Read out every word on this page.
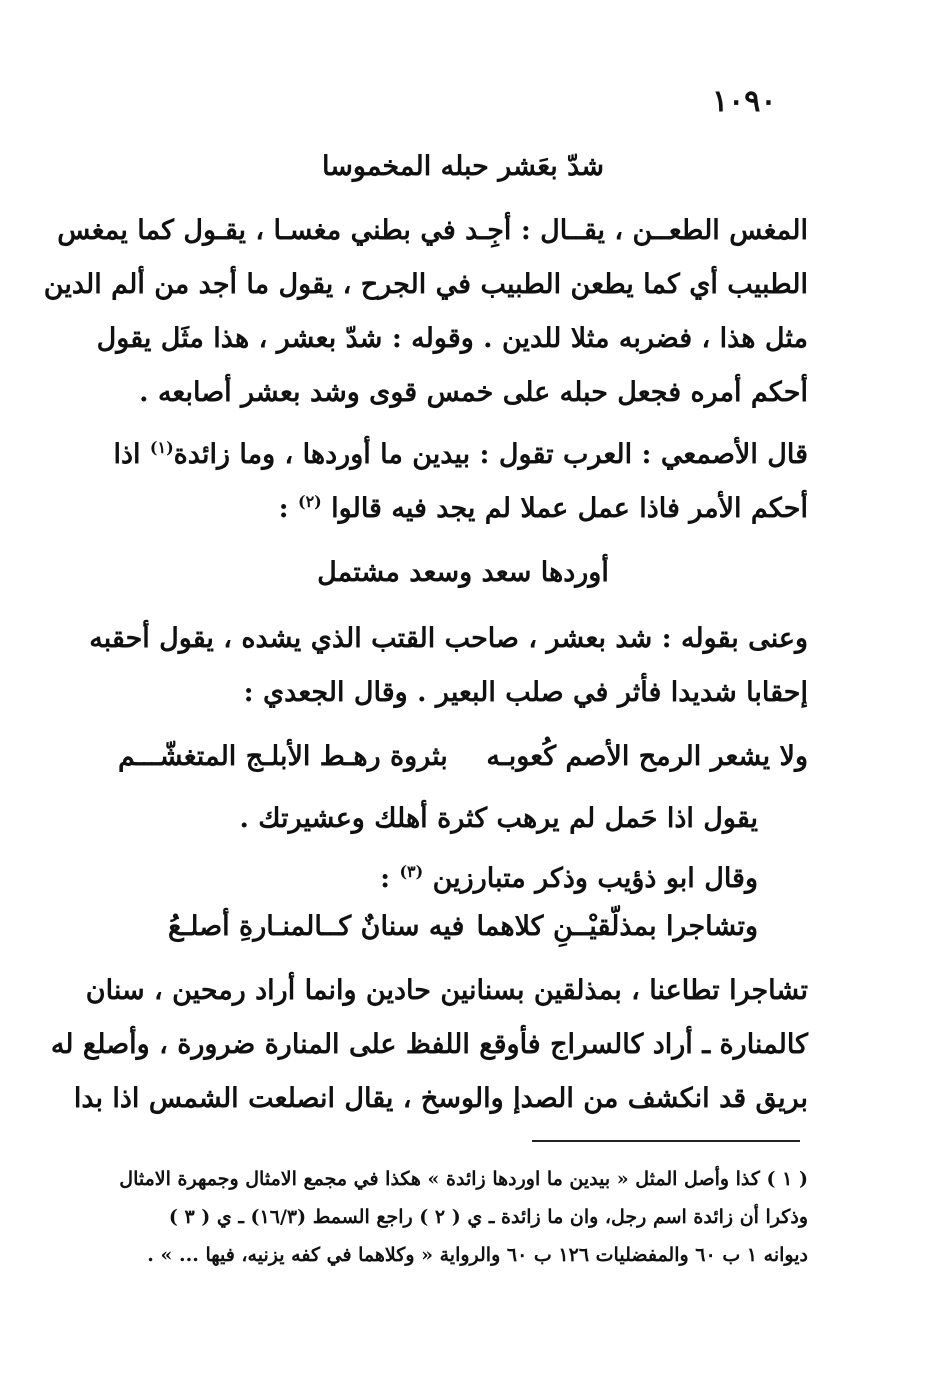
١٠٩٠
شدّ بعَشر حبله المخموسا
المغس الطعــن ، يقــال : أجِـد في بطني مغسـا ، يقـول كما يمغس
الطبيب أي كما يطعن الطبيب في الجرح ، يقول ما أجد من ألم الدين
مثل هذا ، فضربه مثلا للدين . وقوله : شدّ بعشر ، هذا مثَل يقول
أحكم أمره فجعل حبله على خمس قوى وشد بعشر أصابعه .
قال الأصمعي : العرب تقول : بيدين ما أوردها ، وما زائدة$^{(١)}$ اذا
أحكم الأمر فاذا عمل عملا لم يجد فيه قالوا $^{(٢)}$ :
أوردها سعد وسعد مشتمل
وعنى بقوله : شد بعشر ، صاحب القتب الذي يشده ، يقول أحقبه
إحقابا شديدا فأثر في صلب البعير . وقال الجعدي :
ولا يشعر الرمح الأصم كُعوبـه
بثروة رهـط الأبلـج المتغشّـــم
يقول اذا حَمل لم يرهب كثرة أهلك وعشيرتك .
وقال ابو ذؤيب وذكر متبارزين $^{(٣)}$ :
وتشاجرا بمذلّقيْــنِ كلاهما
فيه سنانٌ كــالمنـارةِ أصلـعُ
تشاجرا تطاعنا ، بمذلقين بسنانين حادين وانما أراد رمحين ، سنان
كالمنارة ـ أراد كالسراج فأوقع اللفظ على المنارة ضرورة ، وأصلع له
بريق قد انكشف من الصدإ والوسخ ، يقال انصلعت الشمس اذا بدا
( ١ ) كذا وأصل المثل « بيدين ما اوردها زائدة » هكذا في مجمع الامثال وجمهرة الامثال
وذكرا أن زائدة اسم رجل، وان ما زائدة ـ ي ( ٢ ) راجع السمط (١٦/٣) ـ ي ( ٣ )
ديوانه ١ ب ٦٠ والمفضليات ١٢٦ ب ٦٠ والرواية « وكلاهما في كفه يزنيه، فيها ... » .
